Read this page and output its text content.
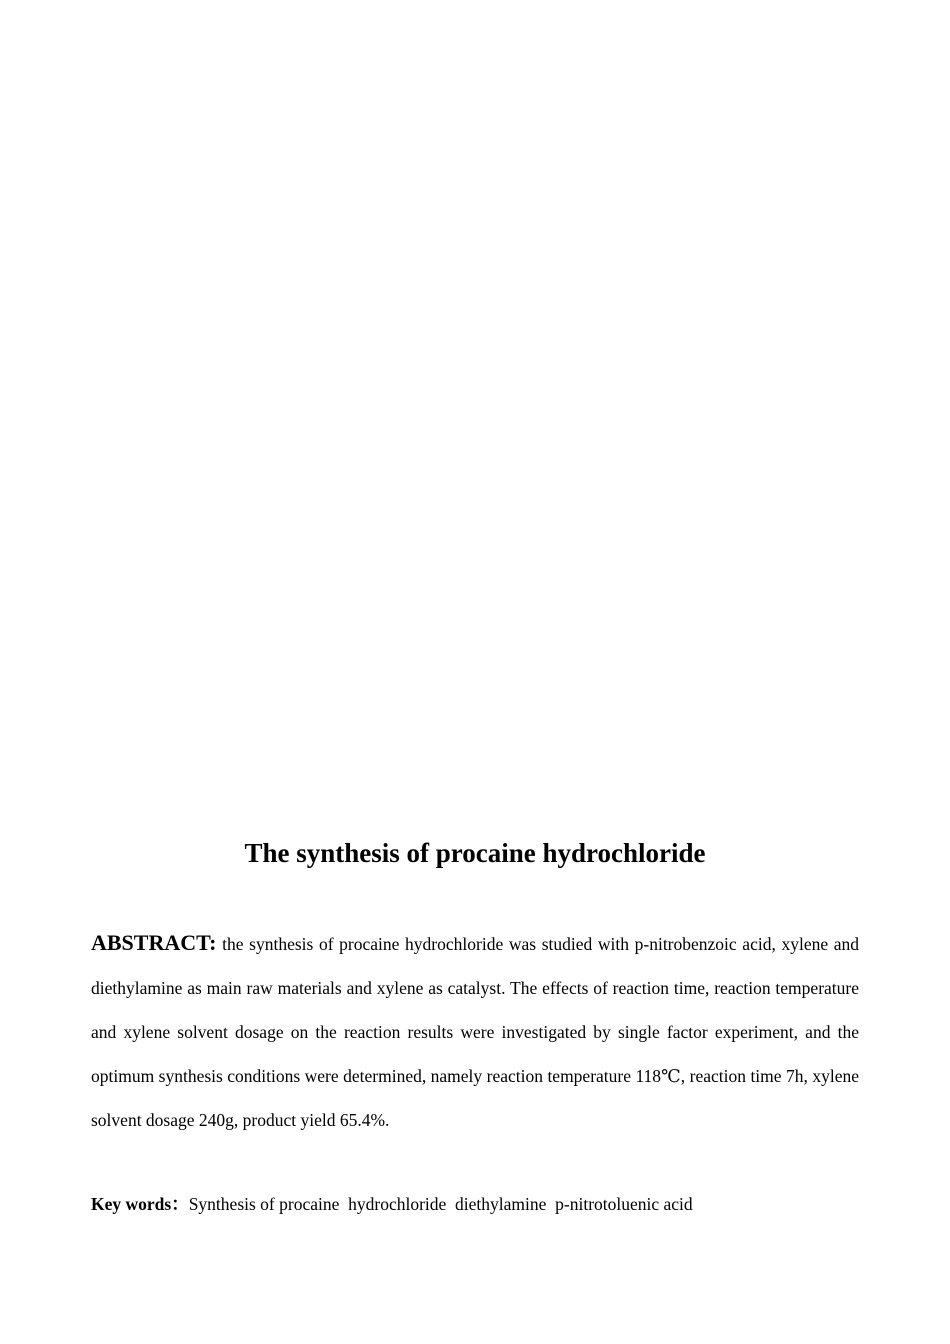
The synthesis of procaine hydrochloride

ABSTRACT: the synthesis of procaine hydrochloride was studied with p-nitrobenzoic acid, xylene and diethylamine as main raw materials and xylene as catalyst. The effects of reaction time, reaction temperature and xylene solvent dosage on the reaction results were investigated by single factor experiment, and the optimum synthesis conditions were determined, namely reaction temperature 118℃, reaction time 7h, xylene solvent dosage 240g, product yield 65.4%.

Key words：Synthesis of procaine  hydrochloride  diethylamine  p-nitrotoluenic acid
